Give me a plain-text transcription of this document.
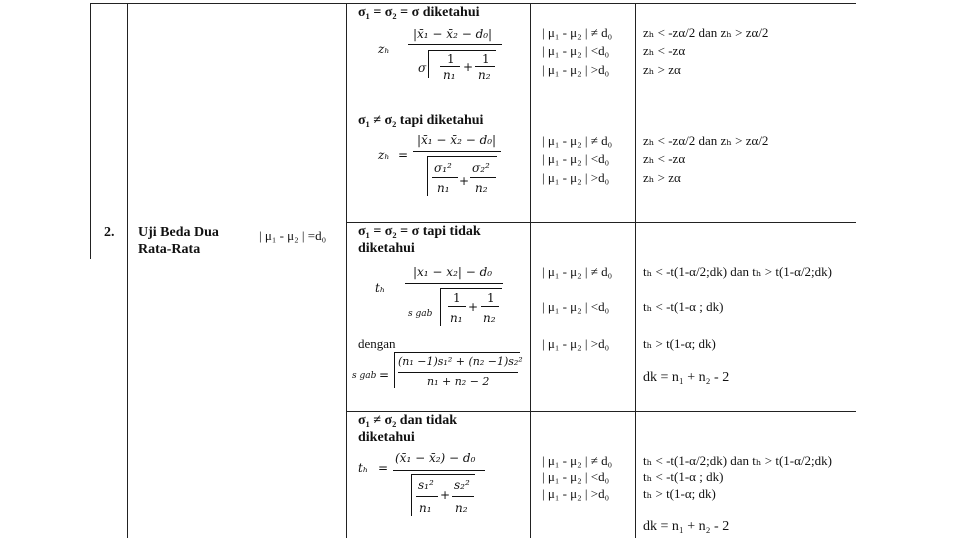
2. Uji Beda Dua
Rata-Rata
| μ₁ - μ₂ | =d₀
σ₁ = σ₂ = σ diketahui
zₕ
|x̄₁ − x̄₂ − d₀|
σ
1
n₁
+
1
n₂
| μ₁ - μ₂ | ≠ d₀
| μ₁ - μ₂ | <d₀
| μ₁ - μ₂ | >d₀
zₕ < -zα/2 dan zₕ > zα/2
zₕ < -zα
zₕ > zα
σ₁ ≠ σ₂ tapi diketahui
zₕ =
|x̄₁ − x̄₂ − d₀|
σ₁²
n₁ +
σ₂²
n₂
| μ₁ - μ₂ | ≠ d₀
| μ₁ - μ₂ | <d₀
| μ₁ - μ₂ | >d₀
zₕ < -zα/2 dan zₕ > zα/2
zₕ < -zα
zₕ > zα
σ₁ = σ₂ = σ tapi tidak
diketahui
tₕ
|x₁ − x₂| − d₀
s gab
1
n₁
+
1
n₂
dengan
s gab =
(n₁ −1)s₁² + (n₂ −1)s₂²
n₁ + n₂ − 2
| μ₁ - μ₂ | ≠ d₀
| μ₁ - μ₂ | <d₀
| μ₁ - μ₂ | >d₀
tₕ < -t(1-α/2;dk) dan tₕ > t(1-α/2;dk)
tₕ < -t(1-α ; dk)
tₕ > t(1-α; dk)
dk = n₁ + n₂ - 2
σ₁ ≠ σ₂ dan tidak
diketahui
tₕ =
(x̄₁ − x̄₂) − d₀
s₁²
n₁
+
s₂²
n₂
| μ₁ - μ₂ | ≠ d₀
| μ₁ - μ₂ | <d₀
| μ₁ - μ₂ | >d₀
tₕ < -t(1-α/2;dk) dan tₕ > t(1-α/2;dk)
tₕ < -t(1-α ; dk)
tₕ > t(1-α; dk)
dk = n₁ + n₂ - 2
